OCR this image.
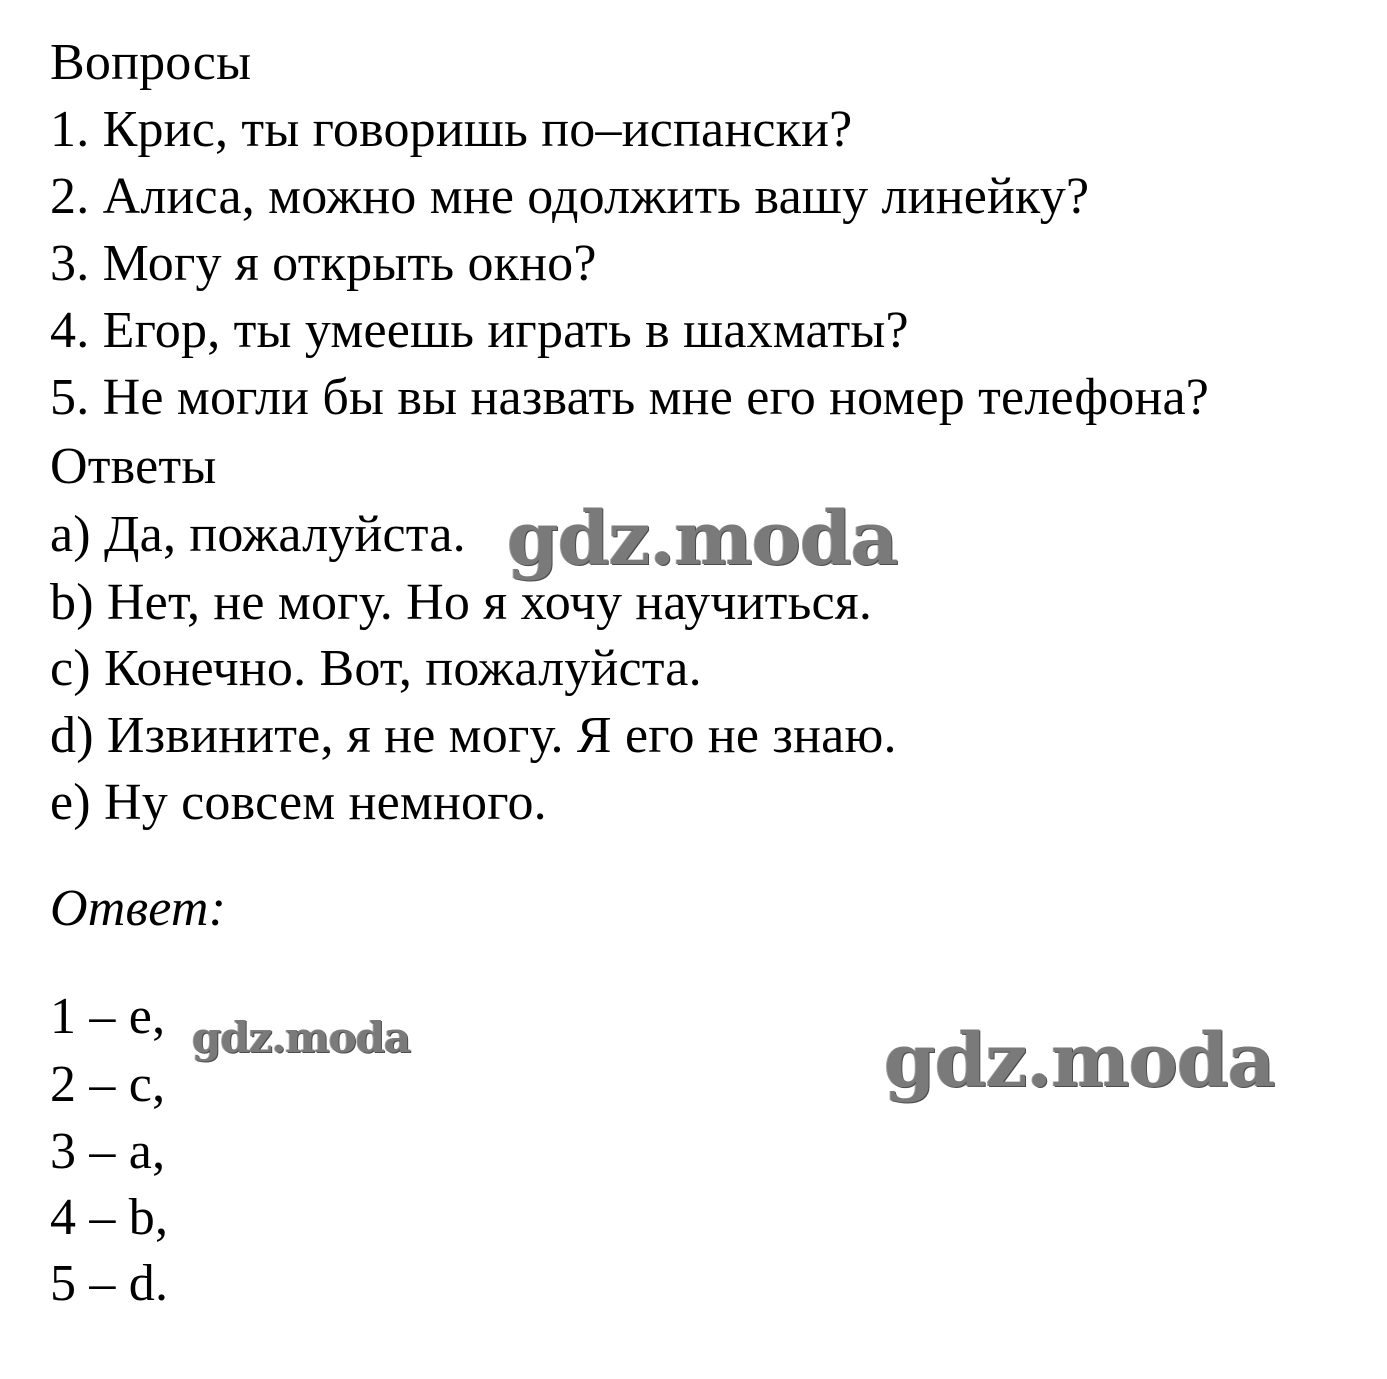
Вопросы
1. Крис, ты говоришь по–испански?
2. Алиса, можно мне одолжить вашу линейку?
3. Могу я открыть окно?
4. Егор, ты умеешь играть в шахматы?
5. Не могли бы вы назвать мне его номер телефона?
Ответы
a) Да, пожалуйста.
b) Нет, не могу. Но я хочу научиться.
c) Конечно. Вот, пожалуйста.
d) Извините, я не могу. Я его не знаю.
e) Ну совсем немного.
Ответ:
1 – e,
2 – c,
3 – a,
4 – b,
5 – d.
gdz.moda
gdz.moda	gdz.moda
